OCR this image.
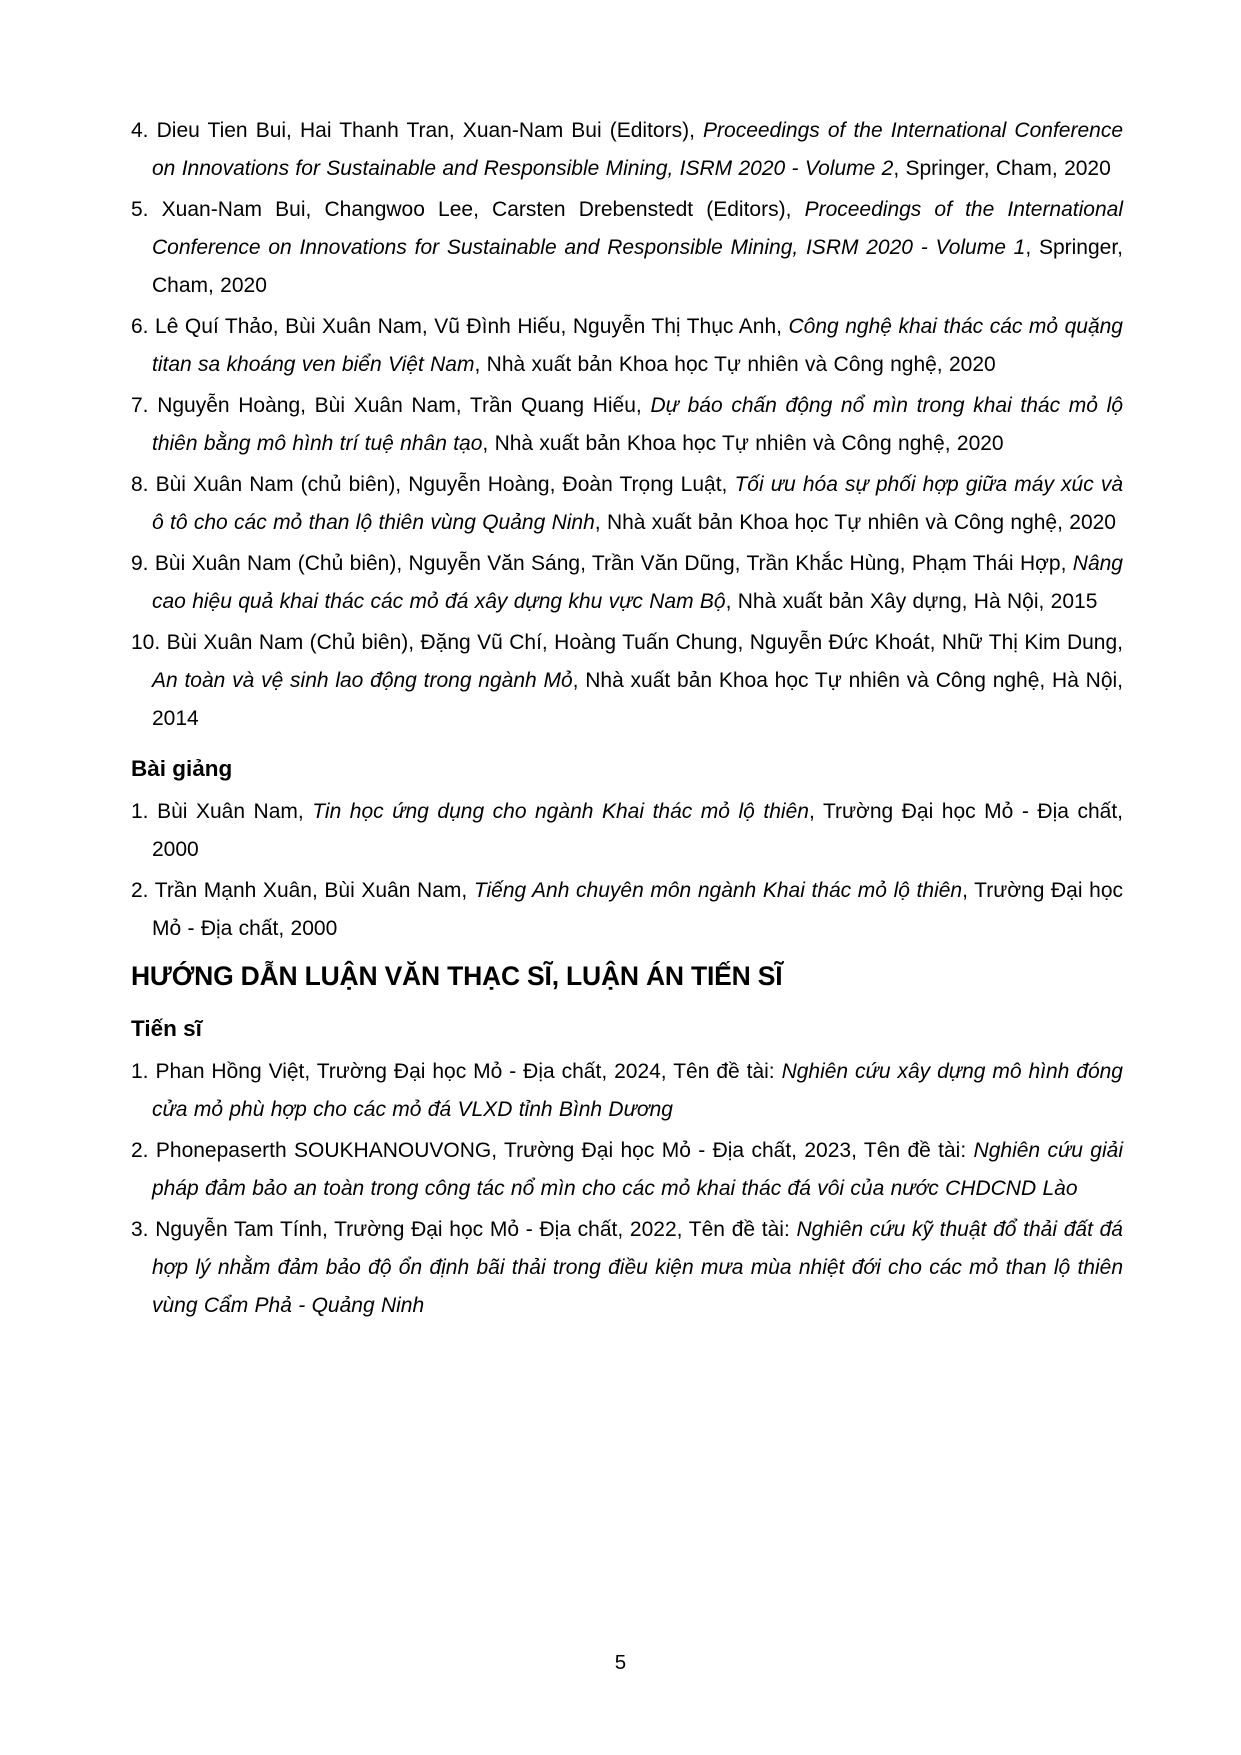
4. Dieu Tien Bui, Hai Thanh Tran, Xuan-Nam Bui (Editors), Proceedings of the International Conference on Innovations for Sustainable and Responsible Mining, ISRM 2020 - Volume 2, Springer, Cham, 2020

5. Xuan-Nam Bui, Changwoo Lee, Carsten Drebenstedt (Editors), Proceedings of the International Conference on Innovations for Sustainable and Responsible Mining, ISRM 2020 - Volume 1, Springer, Cham, 2020

6. Lê Quí Thảo, Bùi Xuân Nam, Vũ Đình Hiếu, Nguyễn Thị Thục Anh, Công nghệ khai thác các mỏ quặng titan sa khoáng ven biển Việt Nam, Nhà xuất bản Khoa học Tự nhiên và Công nghệ, 2020

7. Nguyễn Hoàng, Bùi Xuân Nam, Trần Quang Hiếu, Dự báo chấn động nổ mìn trong khai thác mỏ lộ thiên bằng mô hình trí tuệ nhân tạo, Nhà xuất bản Khoa học Tự nhiên và Công nghệ, 2020

8. Bùi Xuân Nam (chủ biên), Nguyễn Hoàng, Đoàn Trọng Luật, Tối ưu hóa sự phối hợp giữa máy xúc và ô tô cho các mỏ than lộ thiên vùng Quảng Ninh, Nhà xuất bản Khoa học Tự nhiên và Công nghệ, 2020

9. Bùi Xuân Nam (Chủ biên), Nguyễn Văn Sáng, Trần Văn Dũng, Trần Khắc Hùng, Phạm Thái Hợp, Nâng cao hiệu quả khai thác các mỏ đá xây dựng khu vực Nam Bộ, Nhà xuất bản Xây dựng, Hà Nội, 2015

10. Bùi Xuân Nam (Chủ biên), Đặng Vũ Chí, Hoàng Tuấn Chung, Nguyễn Đức Khoát, Nhữ Thị Kim Dung, An toàn và vệ sinh lao động trong ngành Mỏ, Nhà xuất bản Khoa học Tự nhiên và Công nghệ, Hà Nội, 2014

Bài giảng

1. Bùi Xuân Nam, Tin học ứng dụng cho ngành Khai thác mỏ lộ thiên, Trường Đại học Mỏ - Địa chất, 2000

2. Trần Mạnh Xuân, Bùi Xuân Nam, Tiếng Anh chuyên môn ngành Khai thác mỏ lộ thiên, Trường Đại học Mỏ - Địa chất, 2000

HƯỚNG DẪN LUẬN VĂN THẠC SĨ, LUẬN ÁN TIẾN SĨ
Tiến sĩ

1. Phan Hồng Việt, Trường Đại học Mỏ - Địa chất, 2024, Tên đề tài: Nghiên cứu xây dựng mô hình đóng cửa mỏ phù hợp cho các mỏ đá VLXD tỉnh Bình Dương

2. Phonepaserth SOUKHANOUVONG, Trường Đại học Mỏ - Địa chất, 2023, Tên đề tài: Nghiên cứu giải pháp đảm bảo an toàn trong công tác nổ mìn cho các mỏ khai thác đá vôi của nước CHDCND Lào

3. Nguyễn Tam Tính, Trường Đại học Mỏ - Địa chất, 2022, Tên đề tài: Nghiên cứu kỹ thuật đổ thải đất đá hợp lý nhằm đảm bảo độ ổn định bãi thải trong điều kiện mưa mùa nhiệt đới cho các mỏ than lộ thiên vùng Cẩm Phả - Quảng Ninh

5
